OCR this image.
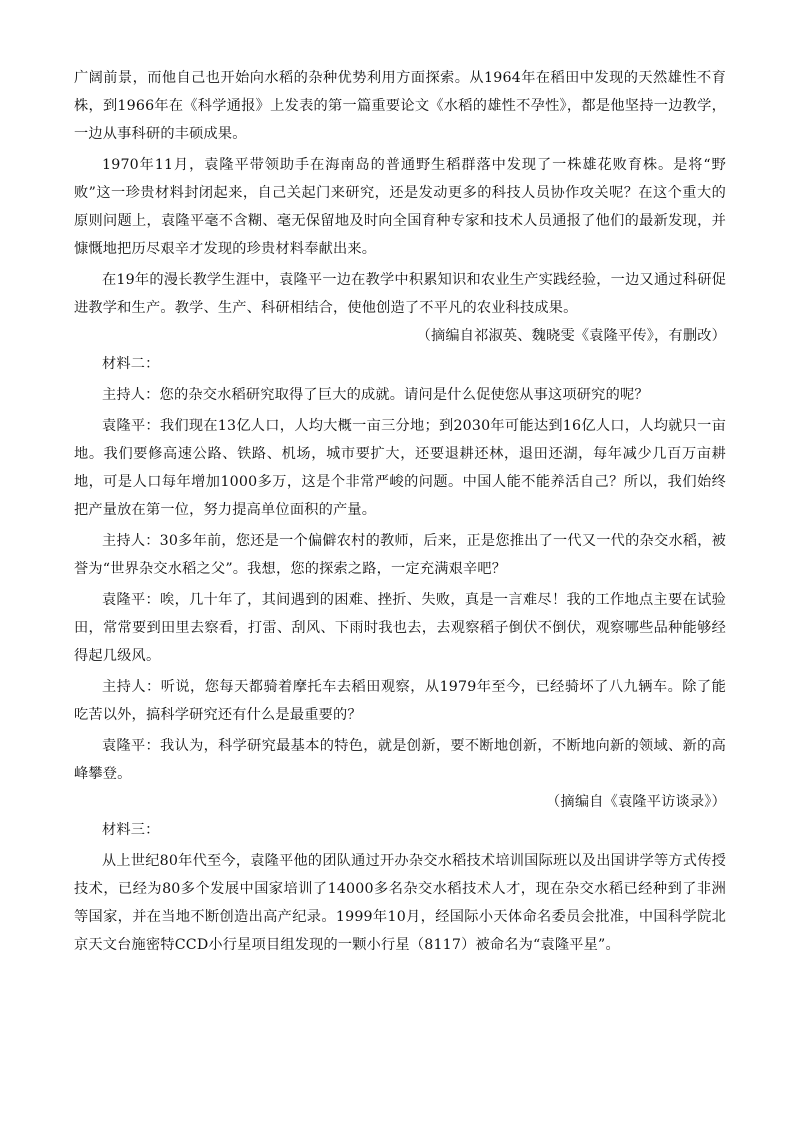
广阔前景，而他自己也开始向水稻的杂种优势利用方面探索。从1964年在稻田中发现的天然雄性不育株，到1966年在《科学通报》上发表的第一篇重要论文《水稻的雄性不孕性》，都是他坚持一边教学，一边从事科研的丰硕成果。

1970年11月，袁隆平带领助手在海南岛的普通野生稻群落中发现了一株雄花败育株。是将“野败”这一珍贵材料封闭起来，自己关起门来研究，还是发动更多的科技人员协作攻关呢？在这个重大的原则问题上，袁隆平毫不含糊、毫无保留地及时向全国育种专家和技术人员通报了他们的最新发现，并慷慨地把历尽艰辛才发现的珍贵材料奉献出来。

在19年的漫长教学生涯中，袁隆平一边在教学中积累知识和农业生产实践经验，一边又通过科研促进教学和生产。教学、生产、科研相结合，使他创造了不平凡的农业科技成果。

（摘编自祁淑英、魏晓雯《袁隆平传》，有删改）

材料二：

主持人：您的杂交水稻研究取得了巨大的成就。请问是什么促使您从事这项研究的呢？

袁隆平：我们现在13亿人口，人均大概一亩三分地；到2030年可能达到16亿人口，人均就只一亩地。我们要修高速公路、铁路、机场，城市要扩大，还要退耕还林，退田还湖，每年减少几百万亩耕地，可是人口每年增加1000多万，这是个非常严峻的问题。中国人能不能养活自己？所以，我们始终把产量放在第一位，努力提高单位面积的产量。

主持人：30多年前，您还是一个偏僻农村的教师，后来，正是您推出了一代又一代的杂交水稻，被誉为“世界杂交水稻之父”。我想，您的探索之路，一定充满艰辛吧？

袁隆平：唉，几十年了，其间遇到的困难、挫折、失败，真是一言难尽！我的工作地点主要在试验田，常常要到田里去察看，打雷、刮风、下雨时我也去，去观察稻子倒伏不倒伏，观察哪些品种能够经得起几级风。

主持人：听说，您每天都骑着摩托车去稻田观察，从1979年至今，已经骑坏了八九辆车。除了能吃苦以外，搞科学研究还有什么是最重要的？

袁隆平：我认为，科学研究最基本的特色，就是创新，要不断地创新，不断地向新的领域、新的高峰攀登。

（摘编自《袁隆平访谈录》）

材料三：

从上世纪80年代至今，袁隆平他的团队通过开办杂交水稻技术培训国际班以及出国讲学等方式传授技术，已经为80多个发展中国家培训了14000多名杂交水稻技术人才，现在杂交水稻已经种到了非洲等国家，并在当地不断创造出高产纪录。1999年10月，经国际小天体命名委员会批准，中国科学院北京天文台施密特CCD小行星项目组发现的一颗小行星（8117）被命名为“袁隆平星”。
